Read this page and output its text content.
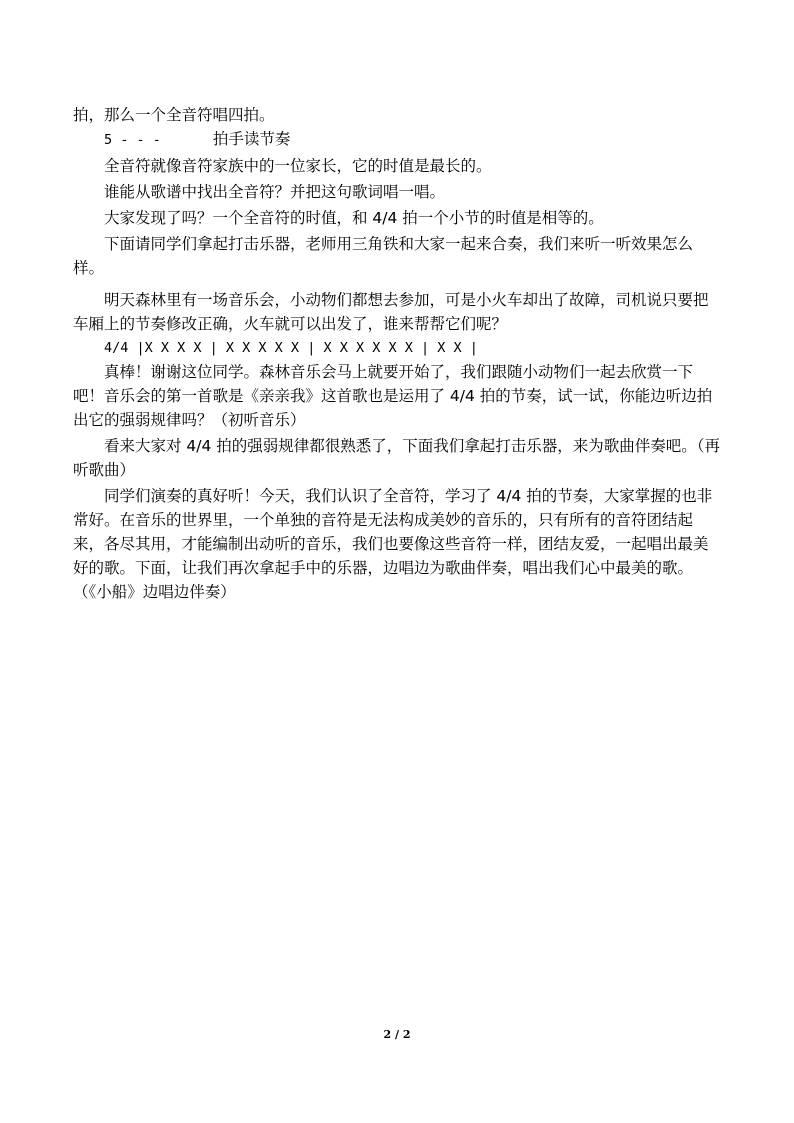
拍，那么一个全音符唱四拍。

5 - - -	拍手读节奏

全音符就像音符家族中的一位家长，它的时值是最长的。

谁能从歌谱中找出全音符？并把这句歌词唱一唱。

大家发现了吗？一个全音符的时值，和 4/4 拍一个小节的时值是相等的。

下面请同学们拿起打击乐器，老师用三角铁和大家一起来合奏，我们来听一听效果怎么样。

明天森林里有一场音乐会，小动物们都想去参加，可是小火车却出了故障，司机说只要把车厢上的节奏修改正确，火车就可以出发了，谁来帮帮它们呢？

4/4 |X X X X | X X X X X | X X X X X X | X X |

真棒！谢谢这位同学。森林音乐会马上就要开始了，我们跟随小动物们一起去欣赏一下吧！音乐会的第一首歌是《亲亲我》这首歌也是运用了 4/4 拍的节奏，试一试，你能边听边拍出它的强弱规律吗？（初听音乐）

看来大家对 4/4 拍的强弱规律都很熟悉了，下面我们拿起打击乐器，来为歌曲伴奏吧。（再听歌曲）

同学们演奏的真好听！今天，我们认识了全音符，学习了 4/4 拍的节奏，大家掌握的也非常好。在音乐的世界里，一个单独的音符是无法构成美妙的音乐的，只有所有的音符团结起来，各尽其用，才能编制出动听的音乐，我们也要像这些音符一样，团结友爱，一起唱出最美好的歌。下面，让我们再次拿起手中的乐器，边唱边为歌曲伴奏，唱出我们心中最美的歌。（《小船》边唱边伴奏）

2 / 2
